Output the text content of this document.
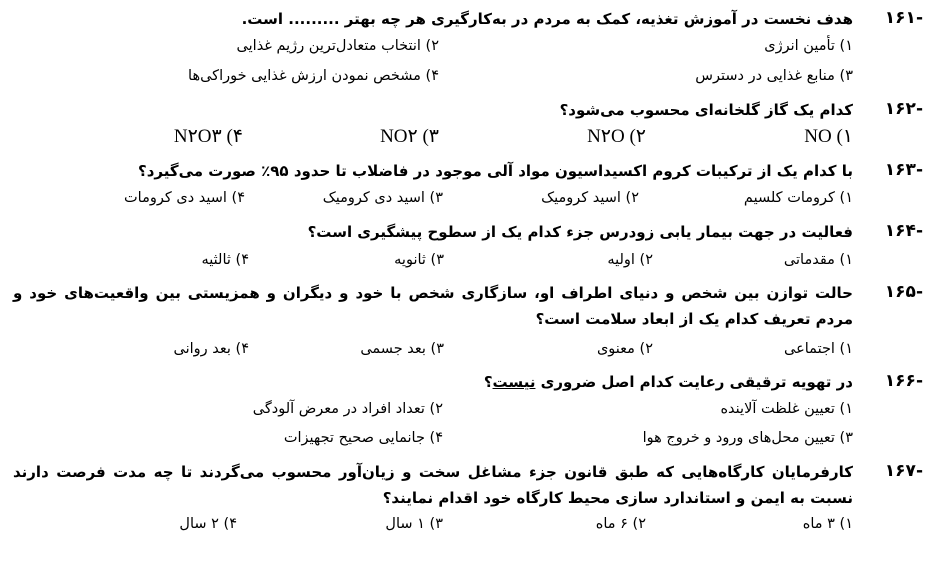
-۱۶۱
هدف نخست در آموزش تغذیه، کمک به مردم در به‌کارگیری هر چه بهتر ......... است.
۱) تأمین انرژی
۲) انتخاب متعادل‌ترین رژیم غذایی
۳) منابع غذایی در دسترس
۴) مشخص نمودن ارزش غذایی خوراکی‌ها
-۱۶۲
کدام یک گاز گلخانه‌ای محسوب می‌شود؟
NO (۱
N۲O (۲
NO۲ (۳
N۲O۳ (۴
-۱۶۳
با کدام یک از ترکیبات کروم اکسیداسیون مواد آلی موجود در فاضلاب تا حدود ۹۵٪ صورت می‌گیرد؟
۱) کرومات کلسیم
۲) اسید کرومیک
۳) اسید دی کرومیک
۴) اسید دی کرومات
-۱۶۴
فعالیت در جهت بیمار یابی زودرس جزء کدام یک از سطوح پیشگیری است؟
۱) مقدماتی
۲) اولیه
۳) ثانویه
۴) ثالثیه
-۱۶۵
حالت توازن بین شخص و دنیای اطراف او، سازگاری شخص با خود و دیگران و همزیستی بین واقعیت‌های خود و مردم تعریف کدام یک از ابعاد سلامت است؟
۱) اجتماعی
۲) معنوی
۳) بعد جسمی
۴) بعد روانی
-۱۶۶
در تهویه ترقیقی رعایت کدام اصل ضروری نیست؟
۱) تعیین غلظت آلاینده
۲) تعداد افراد در معرض آلودگی
۳) تعیین محل‌های ورود و خروج هوا
۴) جانمایی صحیح تجهیزات
-۱۶۷
کارفرمایان کارگاه‌هایی که طبق قانون جزء مشاغل سخت و زیان‌آور محسوب می‌گردند تا چه مدت فرصت دارند نسبت به ایمن و استاندارد سازی محیط کارگاه خود اقدام نمایند؟
۱) ۳ ماه
۲) ۶ ماه
۳) ۱ سال
۴) ۲ سال
